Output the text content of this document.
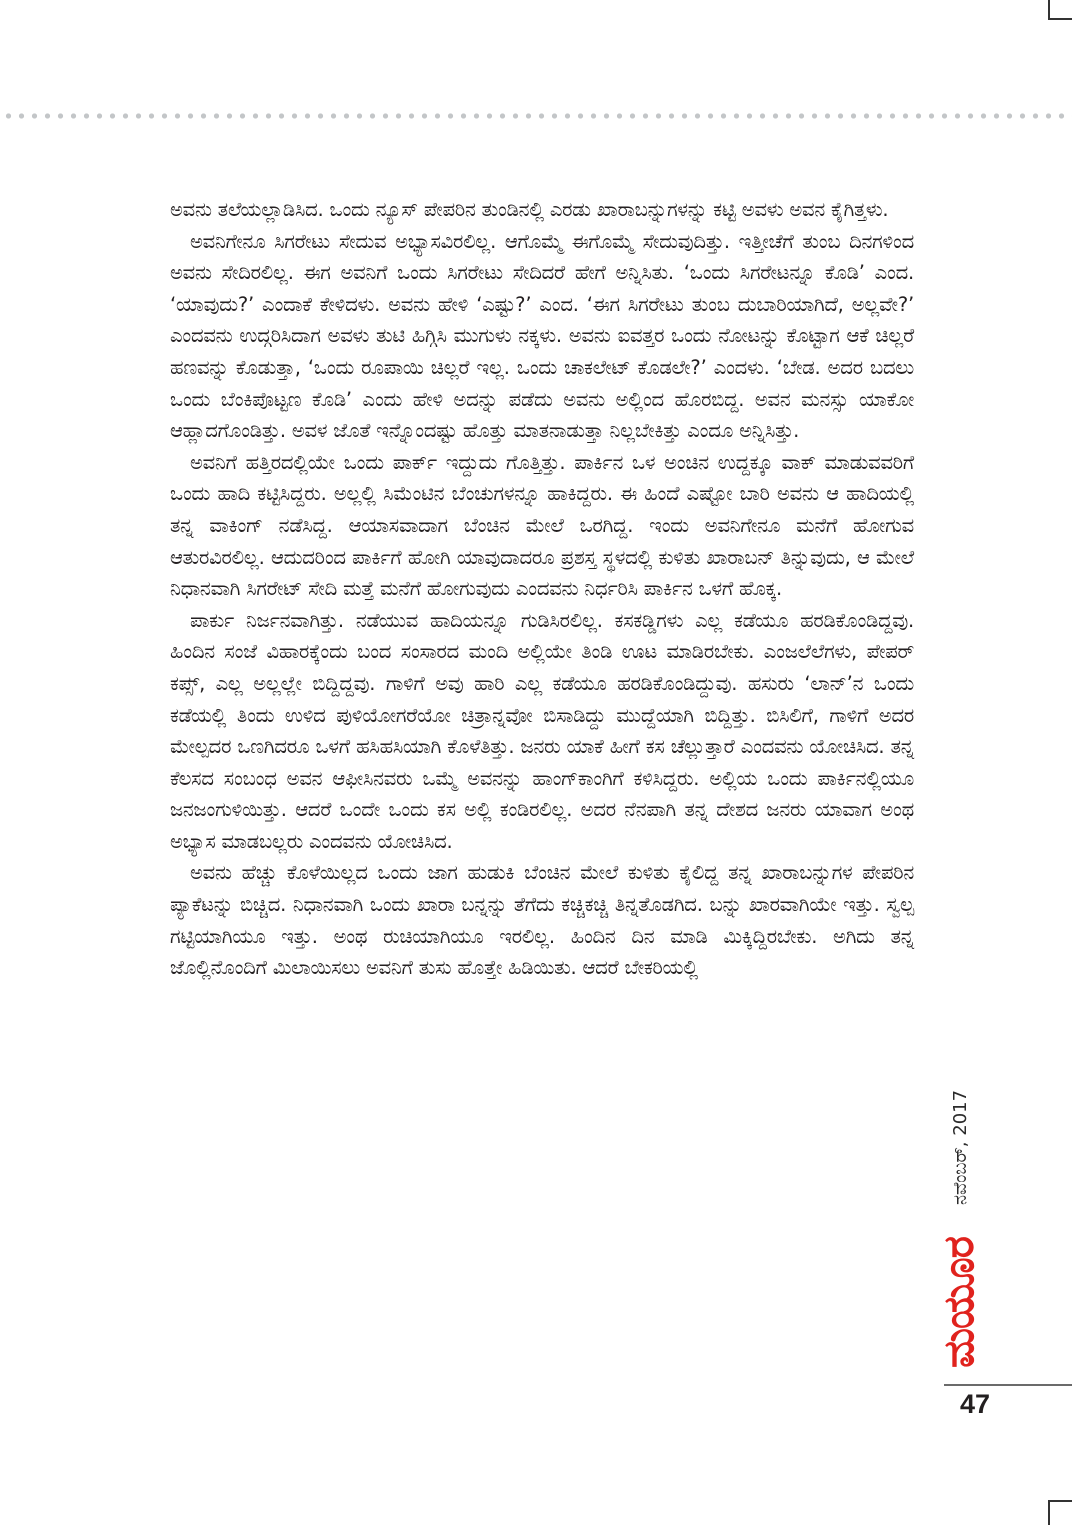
ಅವನು ತಲೆಯಲ್ಲಾಡಿಸಿದ. ಒಂದು ನ್ಯೂಸ್ ಪೇಪರಿನ ತುಂಡಿನಲ್ಲಿ ಎರಡು ಖಾರಾಬನ್ನುಗಳನ್ನು ಕಟ್ಟಿ ಅವಳು ಅವನ ಕೈಗಿತ್ತಳು.

ಅವನಿಗೇನೂ ಸಿಗರೇಟು ಸೇದುವ ಅಭ್ಯಾಸವಿರಲಿಲ್ಲ. ಆಗೊಮ್ಮೆ ಈಗೊಮ್ಮೆ ಸೇದುವುದಿತ್ತು. ಇತ್ತೀಚೆಗೆ ತುಂಬ ದಿನಗಳಿಂದ ಅವನು ಸೇದಿರಲಿಲ್ಲ. ಈಗ ಅವನಿಗೆ ಒಂದು ಸಿಗರೇಟು ಸೇದಿದರೆ ಹೇಗೆ ಅನ್ನಿಸಿತು. ‘ಒಂದು ಸಿಗರೇಟನ್ನೂ ಕೊಡಿ’ ಎಂದ. ‘ಯಾವುದು?’ ಎಂದಾಕೆ ಕೇಳಿದಳು. ಅವನು ಹೇಳಿ ‘ಎಷ್ಟು?’ ಎಂದ. ‘ಈಗ ಸಿಗರೇಟು ತುಂಬ ದುಬಾರಿಯಾಗಿದೆ, ಅಲ್ಲವೇ?’ ಎಂದವನು ಉದ್ಗರಿಸಿದಾಗ ಅವಳು ತುಟಿ ಹಿಗ್ಗಿಸಿ ಮುಗುಳು ನಕ್ಕಳು. ಅವನು ಐವತ್ತರ ಒಂದು ನೋಟನ್ನು ಕೊಟ್ಟಾಗ ಆಕೆ ಚಿಲ್ಲರೆ ಹಣವನ್ನು ಕೊಡುತ್ತಾ, ‘ಒಂದು ರೂಪಾಯಿ ಚಿಲ್ಲರೆ ಇಲ್ಲ. ಒಂದು ಚಾಕಲೇಟ್ ಕೊಡಲೇ?’ ಎಂದಳು. ‘ಬೇಡ. ಅದರ ಬದಲು ಒಂದು ಬೆಂಕಿಪೊಟ್ಟಣ ಕೊಡಿ’ ಎಂದು ಹೇಳಿ ಅದನ್ನು ಪಡೆದು ಅವನು ಅಲ್ಲಿಂದ ಹೊರಬಿದ್ದ. ಅವನ ಮನಸ್ಸು ಯಾಕೋ ಆಹ್ಲಾದಗೊಂಡಿತ್ತು. ಅವಳ ಜೊತೆ ಇನ್ನೊಂದಷ್ಟು ಹೊತ್ತು ಮಾತನಾಡುತ್ತಾ ನಿಲ್ಲಬೇಕಿತ್ತು ಎಂದೂ ಅನ್ನಿಸಿತ್ತು.

ಅವನಿಗೆ ಹತ್ತಿರದಲ್ಲಿಯೇ ಒಂದು ಪಾರ್ಕ್ ಇದ್ದುದು ಗೊತ್ತಿತ್ತು. ಪಾರ್ಕಿನ ಒಳ ಅಂಚಿನ ಉದ್ದಕ್ಕೂ ವಾಕ್ ಮಾಡುವವರಿಗೆ ಒಂದು ಹಾದಿ ಕಟ್ಟಿಸಿದ್ದರು. ಅಲ್ಲಲ್ಲಿ ಸಿಮೆಂಟಿನ ಬೆಂಚುಗಳನ್ನೂ ಹಾಕಿದ್ದರು. ಈ ಹಿಂದೆ ಎಷ್ಟೋ ಬಾರಿ ಅವನು ಆ ಹಾದಿಯಲ್ಲಿ ತನ್ನ ವಾಕಿಂಗ್ ನಡೆಸಿದ್ದ. ಆಯಾಸವಾದಾಗ ಬೆಂಚಿನ ಮೇಲೆ ಒರಗಿದ್ದ. ಇಂದು ಅವನಿಗೇನೂ ಮನೆಗೆ ಹೋಗುವ ಆತುರವಿರಲಿಲ್ಲ. ಆದುದರಿಂದ ಪಾರ್ಕಿಗೆ ಹೋಗಿ ಯಾವುದಾದರೂ ಪ್ರಶಸ್ತ ಸ್ಥಳದಲ್ಲಿ ಕುಳಿತು ಖಾರಾಬನ್ ತಿನ್ನುವುದು, ಆ ಮೇಲೆ ನಿಧಾನವಾಗಿ ಸಿಗರೇಟ್ ಸೇದಿ ಮತ್ತೆ ಮನೆಗೆ ಹೋಗುವುದು ಎಂದವನು ನಿರ್ಧರಿಸಿ ಪಾರ್ಕಿನ ಒಳಗೆ ಹೊಕ್ಕ.

ಪಾರ್ಕು ನಿರ್ಜನವಾಗಿತ್ತು. ನಡೆಯುವ ಹಾದಿಯನ್ನೂ ಗುಡಿಸಿರಲಿಲ್ಲ. ಕಸಕಡ್ಡಿಗಳು ಎಲ್ಲ ಕಡೆಯೂ ಹರಡಿಕೊಂಡಿದ್ದವು. ಹಿಂದಿನ ಸಂಜೆ ವಿಹಾರಕ್ಕೆಂದು ಬಂದ ಸಂಸಾರದ ಮಂದಿ ಅಲ್ಲಿಯೇ ತಿಂಡಿ ಊಟ ಮಾಡಿರಬೇಕು. ಎಂಜಲೆಲೆಗಳು, ಪೇಪರ್ ಕಪ್ಸ್, ಎಲ್ಲ ಅಲ್ಲಲ್ಲೇ ಬಿದ್ದಿದ್ದವು. ಗಾಳಿಗೆ ಅವು ಹಾರಿ ಎಲ್ಲ ಕಡೆಯೂ ಹರಡಿಕೊಂಡಿದ್ದುವು. ಹಸುರು ‘ಲಾನ್’ನ ಒಂದು ಕಡೆಯಲ್ಲಿ ತಿಂದು ಉಳಿದ ಪುಳಿಯೋಗರೆಯೋ ಚಿತ್ರಾನ್ನವೋ ಬಿಸಾಡಿದ್ದು ಮುದ್ದೆಯಾಗಿ ಬಿದ್ದಿತ್ತು. ಬಿಸಿಲಿಗೆ, ಗಾಳಿಗೆ ಅದರ ಮೇಲ್ಪದರ ಒಣಗಿದರೂ ಒಳಗೆ ಹಸಿಹಸಿಯಾಗಿ ಕೊಳೆತಿತ್ತು. ಜನರು ಯಾಕೆ ಹೀಗೆ ಕಸ ಚೆಲ್ಲುತ್ತಾರೆ ಎಂದವನು ಯೋಚಿಸಿದ. ತನ್ನ ಕೆಲಸದ ಸಂಬಂಧ ಅವನ ಆಫೀಸಿನವರು ಒಮ್ಮೆ ಅವನನ್ನು ಹಾಂಗ್‌ಕಾಂಗಿಗೆ ಕಳಿಸಿದ್ದರು. ಅಲ್ಲಿಯ ಒಂದು ಪಾರ್ಕಿನಲ್ಲಿಯೂ ಜನಜಂಗುಳಿಯಿತ್ತು. ಆದರೆ ಒಂದೇ ಒಂದು ಕಸ ಅಲ್ಲಿ ಕಂಡಿರಲಿಲ್ಲ. ಅದರ ನೆನಪಾಗಿ ತನ್ನ ದೇಶದ ಜನರು ಯಾವಾಗ ಅಂಥ ಅಭ್ಯಾಸ ಮಾಡಬಲ್ಲರು ಎಂದವನು ಯೋಚಿಸಿದ.

ಅವನು ಹೆಚ್ಚು ಕೊಳೆಯಿಲ್ಲದ ಒಂದು ಜಾಗ ಹುಡುಕಿ ಬೆಂಚಿನ ಮೇಲೆ ಕುಳಿತು ಕೈಲಿದ್ದ ತನ್ನ ಖಾರಾಬನ್ನುಗಳ ಪೇಪರಿನ ಪ್ಯಾಕೆಟನ್ನು ಬಿಚ್ಚಿದ. ನಿಧಾನವಾಗಿ ಒಂದು ಖಾರಾ ಬನ್ನನ್ನು ತೆಗೆದು ಕಚ್ಚಿಕಚ್ಚಿ ತಿನ್ನತೊಡಗಿದ. ಬನ್ನು ಖಾರವಾಗಿಯೇ ಇತ್ತು. ಸ್ವಲ್ಪ ಗಟ್ಟಿಯಾಗಿಯೂ ಇತ್ತು. ಅಂಥ ರುಚಿಯಾಗಿಯೂ ಇರಲಿಲ್ಲ. ಹಿಂದಿನ ದಿನ ಮಾಡಿ ಮಿಕ್ಕಿದ್ದಿರಬೇಕು. ಅಗಿದು ತನ್ನ ಜೊಲ್ಲಿನೊಂದಿಗೆ ಮಿಲಾಯಿಸಲು ಅವನಿಗೆ ತುಸು ಹೊತ್ತೇ ಹಿಡಿಯಿತು. ಆದರೆ ಬೇಕರಿಯಲ್ಲಿ

ನವೆಂಬರ್, 2017
ಮಯೂರ
47
